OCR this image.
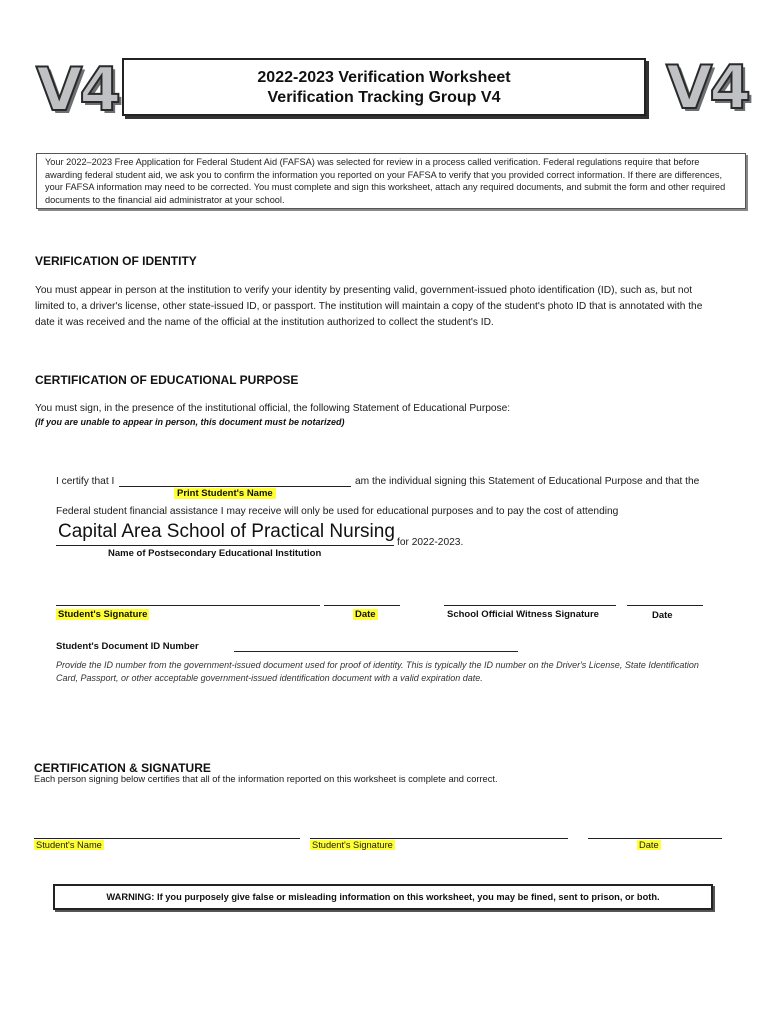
V4	2022-2023 Verification Worksheet
Verification Tracking Group V4	V4
Your 2022–2023 Free Application for Federal Student Aid (FAFSA) was selected for review in a process called verification. Federal regulations require that before awarding federal student aid, we ask you to confirm the information you reported on your FAFSA to verify that you provided correct information. If there are differences, your FAFSA information may need to be corrected. You must complete and sign this worksheet, attach any required documents, and submit the form and other required documents to the financial aid administrator at your school.
VERIFICATION OF IDENTITY
You must appear in person at the institution to verify your identity by presenting valid, government-issued photo identification (ID), such as, but not limited to, a driver's license, other state-issued ID, or passport. The institution will maintain a copy of the student's photo ID that is annotated with the date it was received and the name of the official at the institution authorized to collect the student's ID.
CERTIFICATION OF EDUCATIONAL PURPOSE
You must sign, in the presence of the institutional official, the following Statement of Educational Purpose:
(If you are unable to appear in person, this document must be notarized)
I certify that I	am the individual signing this Statement of Educational Purpose and that the
Print Student's Name
Federal student financial assistance I may receive will only be used for educational purposes and to pay the cost of attending
Capital Area School of Practical Nursing
for 2022-2023.
Name of Postsecondary Educational Institution
Student's Signature	Date	School Official Witness Signature	Date
Student's Document ID Number
Provide the ID number from the government-issued document used for proof of identity. This is typically the ID number on the Driver's License, State Identification Card, Passport, or other acceptable government-issued identification document with a valid expiration date.
CERTIFICATION & SIGNATURE
Each person signing below certifies that all of the information reported on this worksheet is complete and correct.
Student's Name	Student's Signature	Date
WARNING: If you purposely give false or misleading information on this worksheet, you may be fined, sent to prison, or both.
